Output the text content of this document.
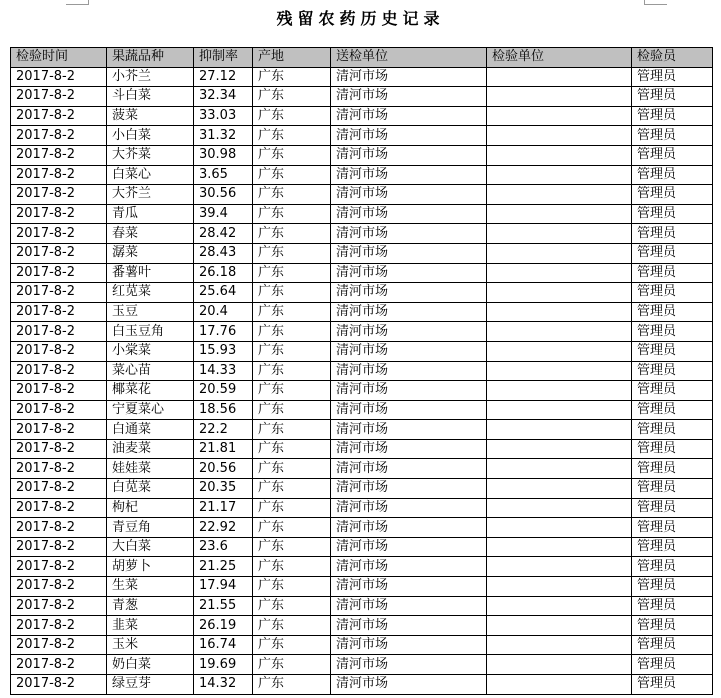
残留农药历史记录
检验时间	果蔬品种	抑制率	产地	送检单位	检验单位	检验员
2017-8-2	小芥兰	27.12	广东	清河市场		管理员
2017-8-2	斗白菜	32.34	广东	清河市场		管理员
2017-8-2	菠菜	33.03	广东	清河市场		管理员
2017-8-2	小白菜	31.32	广东	清河市场		管理员
2017-8-2	大芥菜	30.98	广东	清河市场		管理员
2017-8-2	白菜心	3.65	广东	清河市场		管理员
2017-8-2	大芥兰	30.56	广东	清河市场		管理员
2017-8-2	青瓜	39.4	广东	清河市场		管理员
2017-8-2	春菜	28.42	广东	清河市场		管理员
2017-8-2	潺菜	28.43	广东	清河市场		管理员
2017-8-2	番薯叶	26.18	广东	清河市场		管理员
2017-8-2	红苋菜	25.64	广东	清河市场		管理员
2017-8-2	玉豆	20.4	广东	清河市场		管理员
2017-8-2	白玉豆角	17.76	广东	清河市场		管理员
2017-8-2	小棠菜	15.93	广东	清河市场		管理员
2017-8-2	菜心苗	14.33	广东	清河市场		管理员
2017-8-2	椰菜花	20.59	广东	清河市场		管理员
2017-8-2	宁夏菜心	18.56	广东	清河市场		管理员
2017-8-2	白通菜	22.2	广东	清河市场		管理员
2017-8-2	油麦菜	21.81	广东	清河市场		管理员
2017-8-2	娃娃菜	20.56	广东	清河市场		管理员
2017-8-2	白苋菜	20.35	广东	清河市场		管理员
2017-8-2	枸杞	21.17	广东	清河市场		管理员
2017-8-2	青豆角	22.92	广东	清河市场		管理员
2017-8-2	大白菜	23.6	广东	清河市场		管理员
2017-8-2	胡萝卜	21.25	广东	清河市场		管理员
2017-8-2	生菜	17.94	广东	清河市场		管理员
2017-8-2	青葱	21.55	广东	清河市场		管理员
2017-8-2	韭菜	26.19	广东	清河市场		管理员
2017-8-2	玉米	16.74	广东	清河市场		管理员
2017-8-2	奶白菜	19.69	广东	清河市场		管理员
2017-8-2	绿豆芽	14.32	广东	清河市场		管理员
